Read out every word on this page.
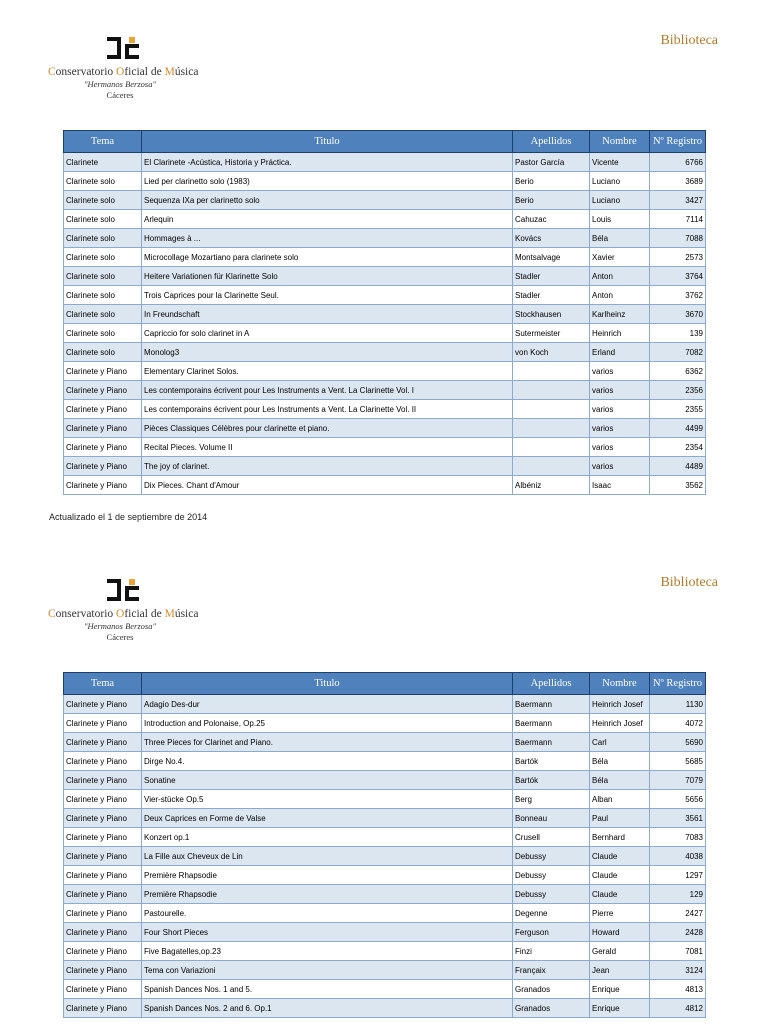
Conservatorio Oficial de Música
"Hermanos Berzosa"
Cáceres
Biblioteca
Tema	Titulo	Apellidos	Nombre	Nº Registro
Clarinete	El Clarinete -Acústica, Historia y Práctica.	Pastor García	Vicente	6766
Clarinete solo	Lied per clarinetto solo (1983)	Berio	Luciano	3689
Clarinete solo	Sequenza IXa per clarinetto solo	Berio	Luciano	3427
Clarinete solo	Arlequin	Cahuzac	Louis	7114
Clarinete solo	Hommages à ...	Kovács	Béla	7088
Clarinete solo	Microcollage Mozartiano para clarinete solo	Montsalvage	Xavier	2573
Clarinete solo	Heitere Variationen für Klarinette Solo	Stadler	Anton	3764
Clarinete solo	Trois Caprices pour la Clarinette Seul.	Stadler	Anton	3762
Clarinete solo	In Freundschaft	Stockhausen	Karlheinz	3670
Clarinete solo	Capriccio for solo clarinet in A	Sutermeister	Heinrich	139
Clarinete solo	Monolog3	von Koch	Erland	7082
Clarinete y Piano	Elementary Clarinet Solos.		varios	6362
Clarinete y Piano	Les contemporains écrivent pour Les Instruments a Vent. La Clarinette Vol. I		varios	2356
Clarinete y Piano	Les contemporains écrivent pour Les Instruments a Vent. La Clarinette Vol. II		varios	2355
Clarinete y Piano	Pièces Classiques Célèbres pour clarinette et piano.		varios	4499
Clarinete y Piano	Recital Pieces. Volume II		varios	2354
Clarinete y Piano	The joy of clarinet.		varios	4489
Clarinete y Piano	Dix Pieces. Chant d'Amour	Albéniz	Isaac	3562
Actualizado el 1 de septiembre de 2014
Conservatorio Oficial de Música
"Hermanos Berzosa"
Cáceres
Biblioteca
Tema	Titulo	Apellidos	Nombre	Nº Registro
Clarinete y Piano	Adagio Des-dur	Baermann	Heinrich Josef	1130
Clarinete y Piano	Introduction and Polonaise, Op.25	Baermann	Heinrich Josef	4072
Clarinete y Piano	Three Pieces for Clarinet and Piano.	Baermann	Carl	5690
Clarinete y Piano	Dirge No.4.	Bartók	Béla	5685
Clarinete y Piano	Sonatine	Bartók	Béla	7079
Clarinete y Piano	Vier-stücke Op.5	Berg	Alban	5656
Clarinete y Piano	Deux Caprices en Forme de Valse	Bonneau	Paul	3561
Clarinete y Piano	Konzert op.1	Crusell	Bernhard	7083
Clarinete y Piano	La Fille aux Cheveux de Lin	Debussy	Claude	4038
Clarinete y Piano	Première Rhapsodie	Debussy	Claude	1297
Clarinete y Piano	Première Rhapsodie	Debussy	Claude	129
Clarinete y Piano	Pastourelle.	Degenne	Pierre	2427
Clarinete y Piano	Four Short Pieces	Ferguson	Howard	2428
Clarinete y Piano	Five Bagatelles,op.23	Finzi	Gerald	7081
Clarinete y Piano	Tema con Variazioni	Françaix	Jean	3124
Clarinete y Piano	Spanish Dances Nos. 1 and 5.	Granados	Enrique	4813
Clarinete y Piano	Spanish Dances Nos. 2 and 6. Op.1	Granados	Enrique	4812
